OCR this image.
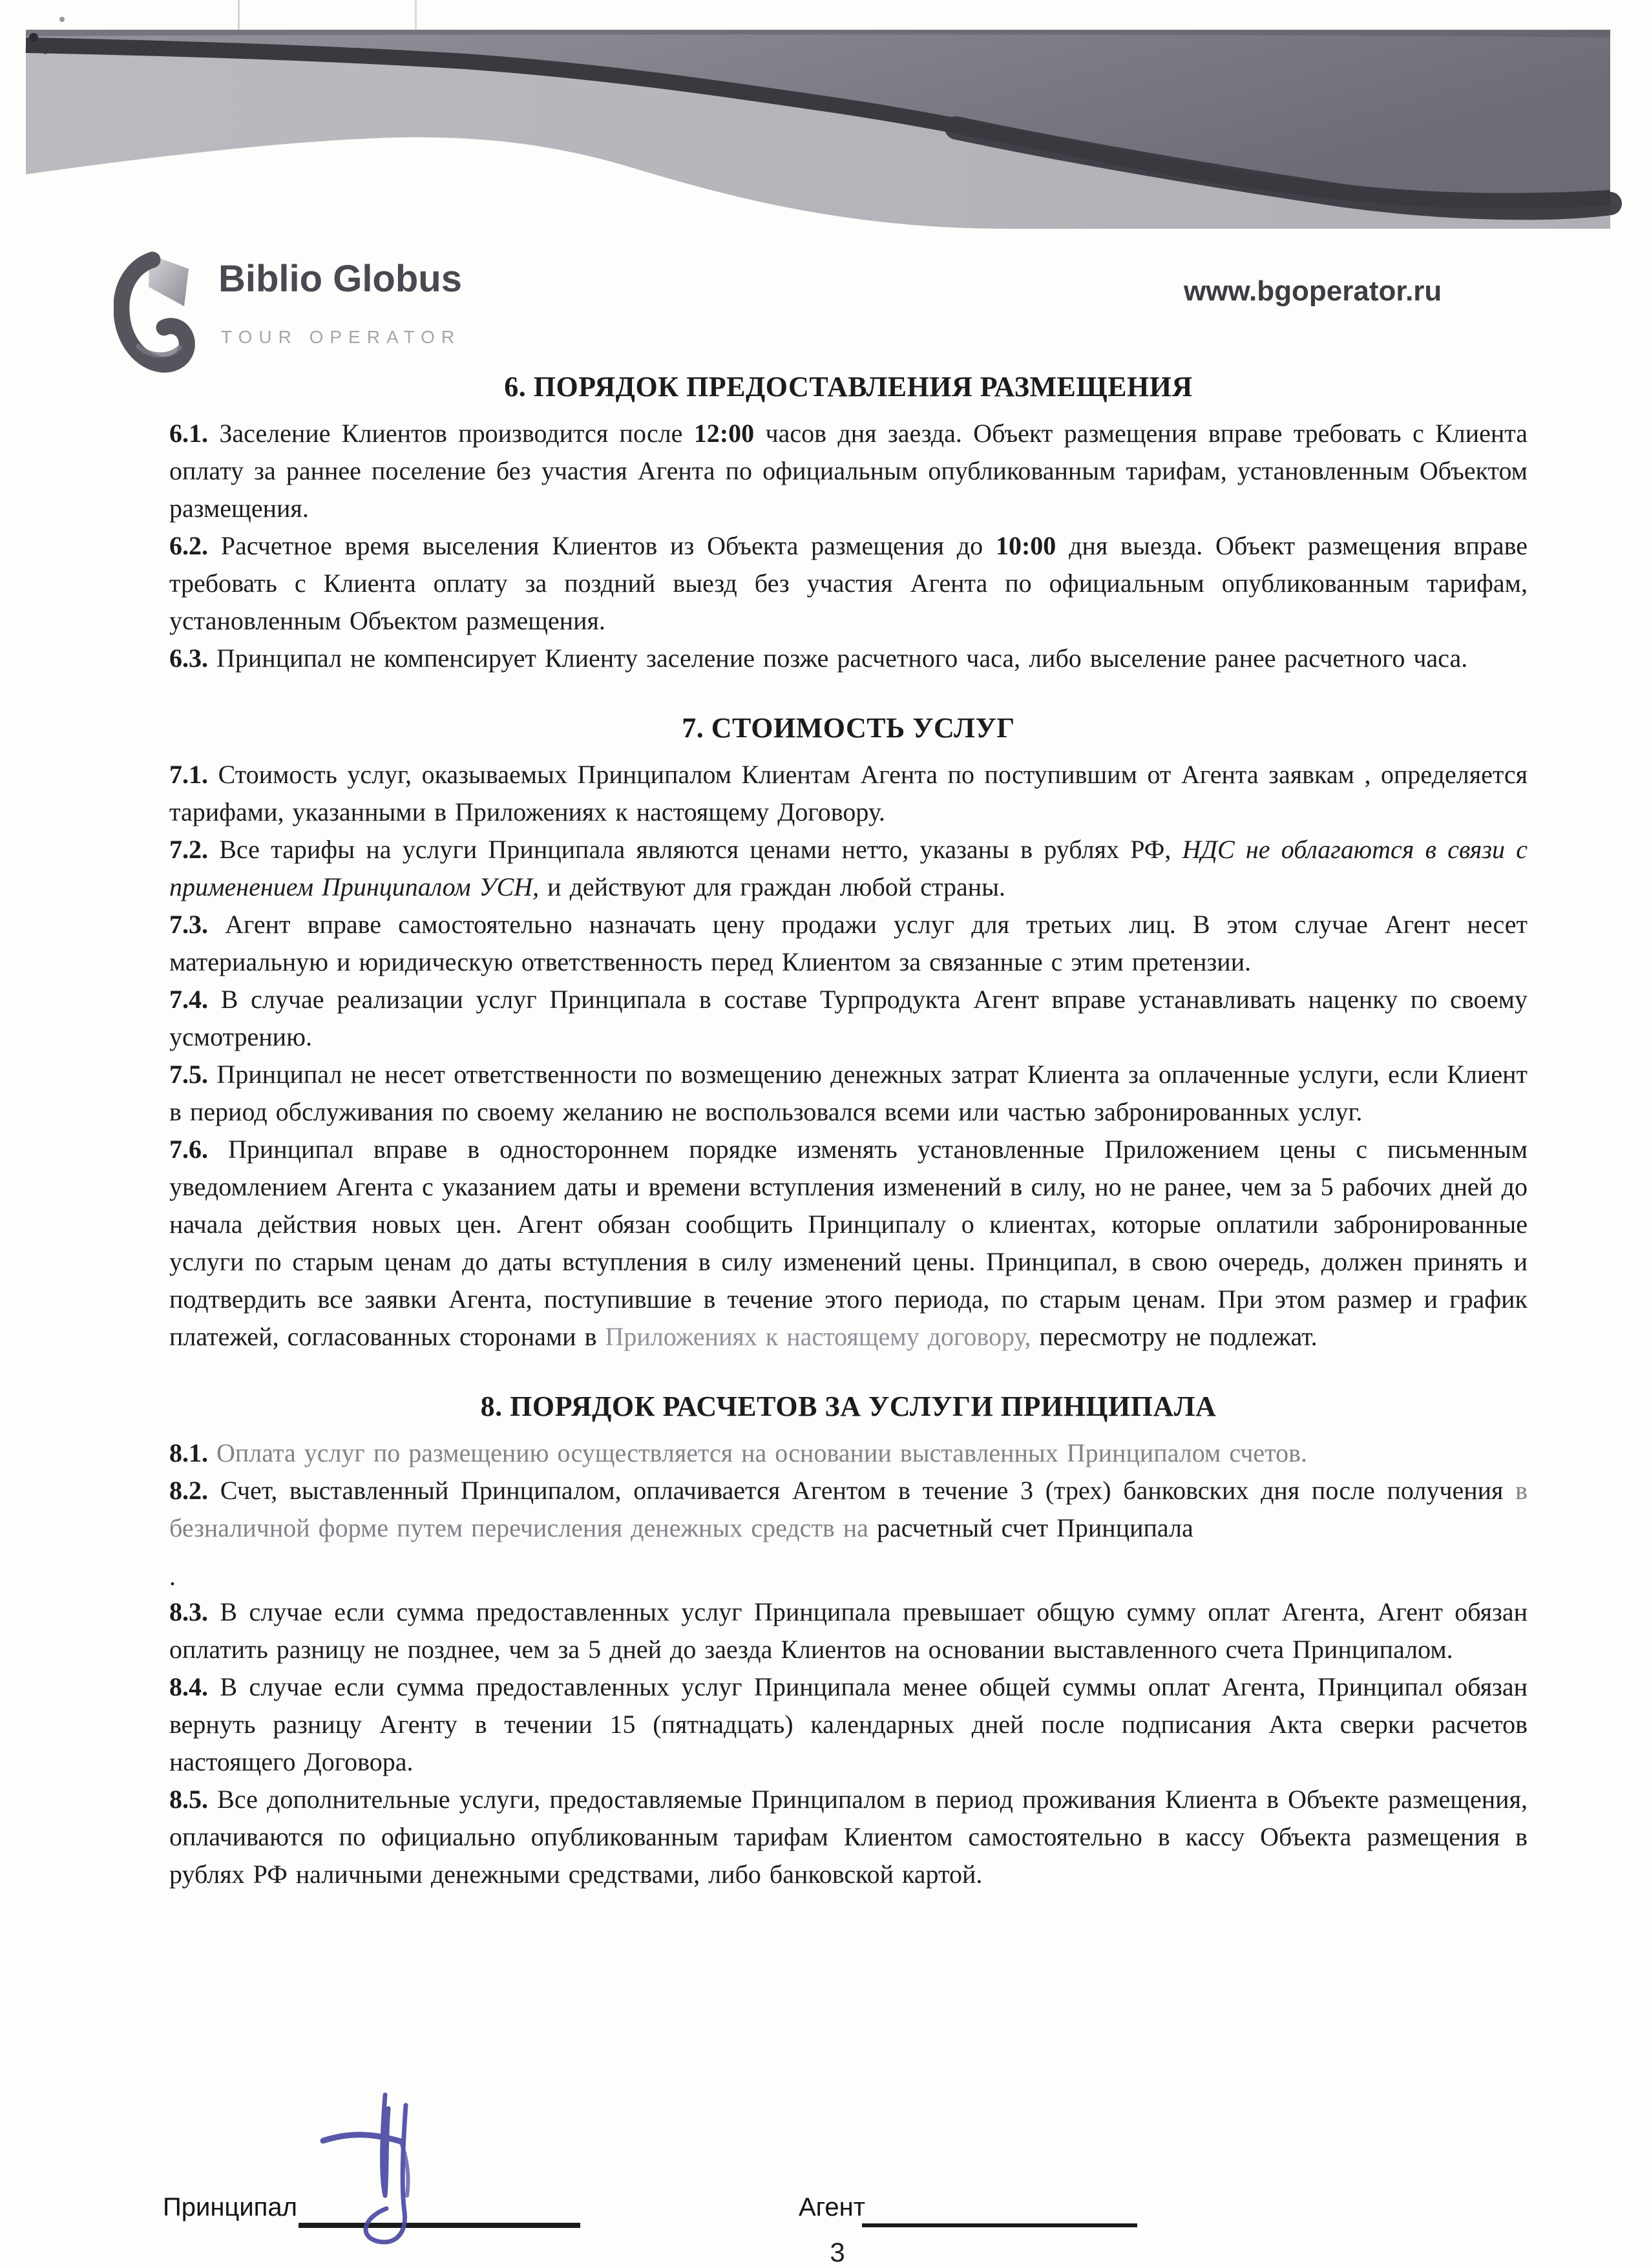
Biblio Globus
TOUR OPERATOR
www.bgoperator.ru
6. ПОРЯДОК ПРЕДОСТАВЛЕНИЯ РАЗМЕЩЕНИЯ

6.1. Заселение Клиентов производится после 12:00 часов дня заезда. Объект размещения вправе требовать с Клиента оплату за раннее поселение без участия Агента по официальным опубликованным тарифам, установленным Объектом размещения.

6.2. Расчетное время выселения Клиентов из Объекта размещения до 10:00 дня выезда. Объект размещения вправе требовать с Клиента оплату за поздний выезд без участия Агента по официальным опубликованным тарифам, установленным Объектом размещения.

6.3. Принципал не компенсирует Клиенту заселение позже расчетного часа, либо выселение ранее расчетного часа.

7. СТОИМОСТЬ УСЛУГ

7.1. Стоимость услуг, оказываемых Принципалом Клиентам Агента по поступившим от Агента заявкам , определяется тарифами, указанными в Приложениях к настоящему Договору.

7.2. Все тарифы на услуги Принципала являются ценами нетто, указаны в рублях РФ, НДС не облагаются в связи с применением Принципалом УСН, и действуют для граждан любой страны.

7.3. Агент вправе самостоятельно назначать цену продажи услуг для третьих лиц. В этом случае Агент несет материальную и юридическую ответственность перед Клиентом за связанные с этим претензии.

7.4. В случае реализации услуг Принципала в составе Турпродукта Агент вправе устанавливать наценку по своему усмотрению.

7.5. Принципал не несет ответственности по возмещению денежных затрат Клиента за оплаченные услуги, если Клиент в период обслуживания по своему желанию не воспользовался всеми или частью забронированных услуг.

7.6. Принципал вправе в одностороннем порядке изменять установленные Приложением цены с письменным уведомлением Агента с указанием даты и времени вступления изменений в силу, но не ранее, чем за 5 рабочих дней до начала действия новых цен. Агент обязан сообщить Принципалу о клиентах, которые оплатили забронированные услуги по старым ценам до даты вступления в силу изменений цены. Принципал, в свою очередь, должен принять и подтвердить все заявки Агента, поступившие в течение этого периода, по старым ценам. При этом размер и график платежей, согласованных сторонами в Приложениях к настоящему договору, пересмотру не подлежат.

8. ПОРЯДОК РАСЧЕТОВ ЗА УСЛУГИ ПРИНЦИПАЛА

8.1. Оплата услуг по размещению осуществляется на основании выставленных Принципалом счетов.

8.2. Счет, выставленный Принципалом, оплачивается Агентом в течение 3 (трех) банковских дня после получения в безналичной форме путем перечисления денежных средств на расчетный счет Принципала

.

8.3. В случае если сумма предоставленных услуг Принципала превышает общую сумму оплат Агента, Агент обязан оплатить разницу не позднее, чем за 5 дней до заезда Клиентов на основании выставленного счета Принципалом.

8.4. В случае если сумма предоставленных услуг Принципала менее общей суммы оплат Агента, Принципал обязан вернуть разницу Агенту в течении 15 (пятнадцать) календарных дней после подписания Акта сверки расчетов настоящего Договора.

8.5. Все дополнительные услуги, предоставляемые Принципалом в период проживания Клиента в Объекте размещения, оплачиваются по официально опубликованным тарифам Клиентом самостоятельно в кассу Объекта размещения в рублях РФ наличными денежными средствами, либо банковской картой.

Принципал	Агент
3
